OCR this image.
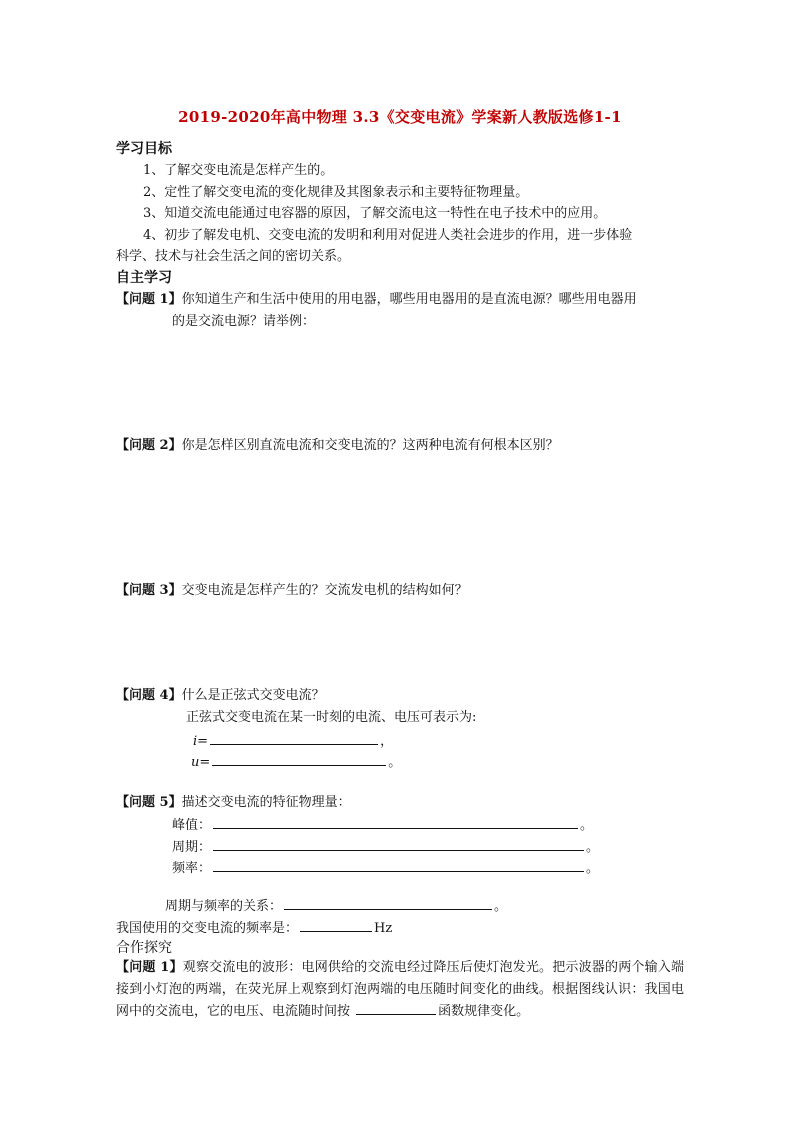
2019-2020年高中物理 3.3《交变电流》学案新人教版选修1-1
学习目标
1、了解交变电流是怎样产生的。
2、定性了解交变电流的变化规律及其图象表示和主要特征物理量。
3、知道交流电能通过电容器的原因，了解交流电这一特性在电子技术中的应用。
4、初步了解发电机、交变电流的发明和利用对促进人类社会进步的作用，进一步体验
科学、技术与社会生活之间的密切关系。
自主学习
【问题 1】你知道生产和生活中使用的用电器，哪些用电器用的是直流电源？哪些用电器用
的是交流电源？请举例：
【问题 2】你是怎样区别直流电流和交变电流的？这两种电流有何根本区别？
【问题 3】交变电流是怎样产生的？交流发电机的结构如何？
【问题 4】什么是正弦式交变电流？
正弦式交变电流在某一时刻的电流、电压可表示为:
i=	，
u=	。
【问题 5】描述交变电流的特征物理量：
峰值：	。
周期：	。
频率：	。
周期与频率的关系：	。
我国使用的交变电流的频率是：	Hz
合作探究
【问题 1】观察交流电的波形：电网供给的交流电经过降压后使灯泡发光。把示波器的两个输入端接到小灯泡的两端，在荧光屏上观察到灯泡两端的电压随时间变化的曲线。根据图线认识：我国电网中的交流电，它的电压、电流随时间按	函数规律变化。
